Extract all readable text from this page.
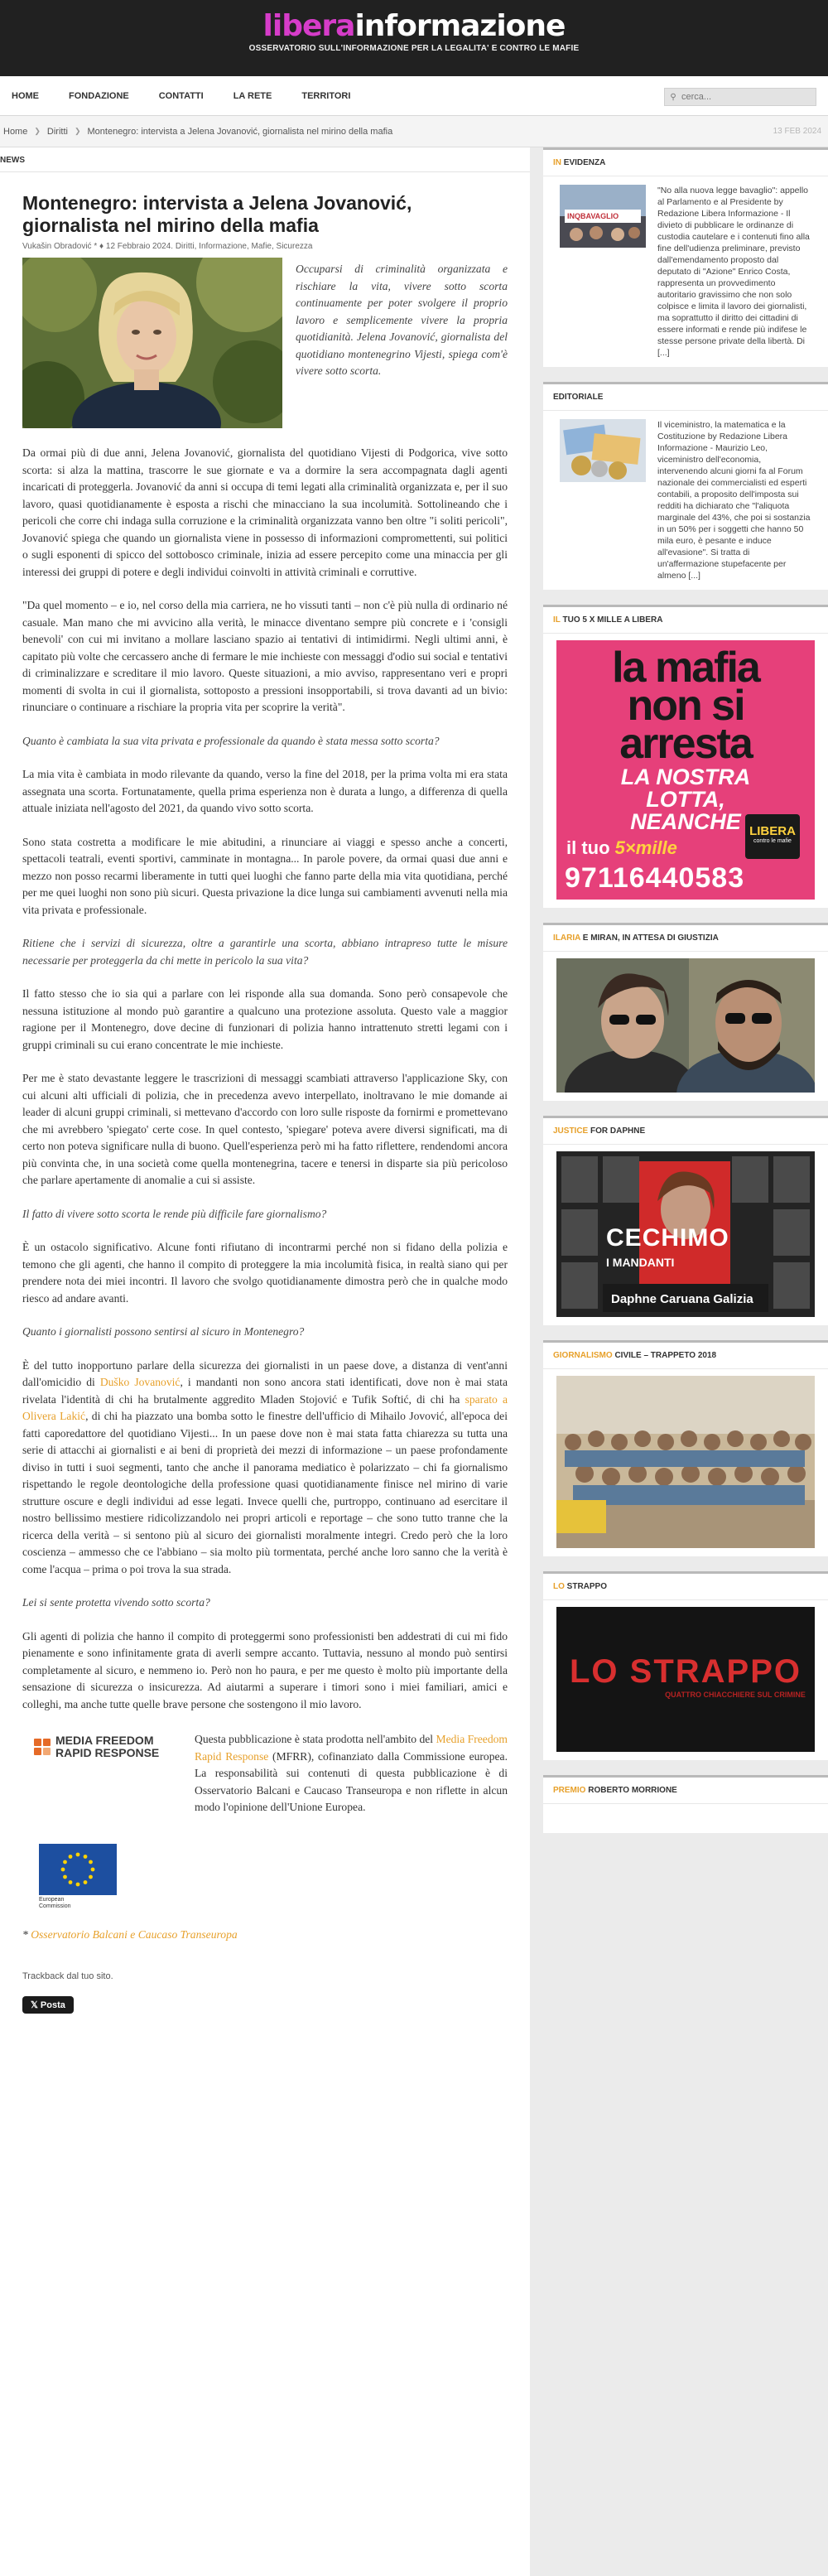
liberainformazione
OSSERVATORIO SULL'INFORMAZIONE PER LA LEGALITA' E CONTRO LE MAFIE
HOME	FONDAZIONE	CONTATTI	LA RETE	TERRITORI	⚲
cerca...
Home ❯ Diritti ❯ Montenegro: intervista a Jelena Jovanović, giornalista nel mirino della mafia	13 FEB 2024
NEWS
Montenegro: intervista a Jelena Jovanović, giornalista nel mirino della mafia
Vukašin Obradović * ♦ 12 Febbraio 2024. Diritti, Informazione, Mafie, Sicurezza
Occuparsi di criminalità organizzata e rischiare la vita, vivere sotto scorta continuamente per poter svolgere il proprio lavoro e semplicemente vivere la propria quotidianità. Jelena Jovanović, giornalista del quotidiano montenegrino Vijesti, spiega com'è vivere sotto scorta.

Da ormai più di due anni, Jelena Jovanović, giornalista del quotidiano Vijesti di Podgorica, vive sotto scorta: si alza la mattina, trascorre le sue giornate e va a dormire la sera accompagnata dagli agenti incaricati di proteggerla. Jovanović da anni si occupa di temi legati alla criminalità organizzata e, per il suo lavoro, quasi quotidianamente è esposta a rischi che minacciano la sua incolumità. Sottolineando che i pericoli che corre chi indaga sulla corruzione e la criminalità organizzata vanno ben oltre "i soliti pericoli", Jovanović spiega che quando un giornalista viene in possesso di informazioni compromettenti, sui politici o sugli esponenti di spicco del sottobosco criminale, inizia ad essere percepito come una minaccia per gli interessi dei gruppi di potere e degli individui coinvolti in attività criminali e corruttive.

"Da quel momento – e io, nel corso della mia carriera, ne ho vissuti tanti – non c'è più nulla di ordinario né casuale. Man mano che mi avvicino alla verità, le minacce diventano sempre più concrete e i 'consigli benevoli' con cui mi invitano a mollare lasciano spazio ai tentativi di intimidirmi. Negli ultimi anni, è capitato più volte che cercassero anche di fermare le mie inchieste con messaggi d'odio sui social e tentativi di criminalizzare e screditare il mio lavoro. Queste situazioni, a mio avviso, rappresentano veri e propri momenti di svolta in cui il giornalista, sottoposto a pressioni insopportabili, si trova davanti ad un bivio: rinunciare o continuare a rischiare la propria vita per scoprire la verità".

Quanto è cambiata la sua vita privata e professionale da quando è stata messa sotto scorta?

La mia vita è cambiata in modo rilevante da quando, verso la fine del 2018, per la prima volta mi era stata assegnata una scorta. Fortunatamente, quella prima esperienza non è durata a lungo, a differenza di quella attuale iniziata nell'agosto del 2021, da quando vivo sotto scorta.

Sono stata costretta a modificare le mie abitudini, a rinunciare ai viaggi e spesso anche a concerti, spettacoli teatrali, eventi sportivi, camminate in montagna... In parole povere, da ormai quasi due anni e mezzo non posso recarmi liberamente in tutti quei luoghi che fanno parte della mia vita quotidiana, perché per me quei luoghi non sono più sicuri. Questa privazione la dice lunga sui cambiamenti avvenuti nella mia vita privata e professionale.

Ritiene che i servizi di sicurezza, oltre a garantirle una scorta, abbiano intrapreso tutte le misure necessarie per proteggerla da chi mette in pericolo la sua vita?

Il fatto stesso che io sia qui a parlare con lei risponde alla sua domanda. Sono però consapevole che nessuna istituzione al mondo può garantire a qualcuno una protezione assoluta. Questo vale a maggior ragione per il Montenegro, dove decine di funzionari di polizia hanno intrattenuto stretti legami con i gruppi criminali su cui erano concentrate le mie inchieste.

Per me è stato devastante leggere le trascrizioni di messaggi scambiati attraverso l'applicazione Sky, con cui alcuni alti ufficiali di polizia, che in precedenza avevo interpellato, inoltravano le mie domande ai leader di alcuni gruppi criminali, si mettevano d'accordo con loro sulle risposte da fornirmi e promettevano che mi avrebbero 'spiegato' certe cose. In quel contesto, 'spiegare' poteva avere diversi significati, ma di certo non poteva significare nulla di buono. Quell'esperienza però mi ha fatto riflettere, rendendomi ancora più convinta che, in una società come quella montenegrina, tacere e tenersi in disparte sia più pericoloso che parlare apertamente di anomalie a cui si assiste.

Il fatto di vivere sotto scorta le rende più difficile fare giornalismo?

È un ostacolo significativo. Alcune fonti rifiutano di incontrarmi perché non si fidano della polizia e temono che gli agenti, che hanno il compito di proteggere la mia incolumità fisica, in realtà siano qui per prendere nota dei miei incontri. Il lavoro che svolgo quotidianamente dimostra però che in qualche modo riesco ad andare avanti.

Quanto i giornalisti possono sentirsi al sicuro in Montenegro?

È del tutto inopportuno parlare della sicurezza dei giornalisti in un paese dove, a distanza di vent'anni dall'omicidio di Duško Jovanović, i mandanti non sono ancora stati identificati, dove non è mai stata rivelata l'identità di chi ha brutalmente aggredito Mladen Stojović e Tufik Softić, di chi ha sparato a Olivera Lakić, di chi ha piazzato una bomba sotto le finestre dell'ufficio di Mihailo Jovović, all'epoca dei fatti caporedattore del quotidiano Vijesti... In un paese dove non è mai stata fatta chiarezza su tutta una serie di attacchi ai giornalisti e ai beni di proprietà dei mezzi di informazione – un paese profondamente diviso in tutti i suoi segmenti, tanto che anche il panorama mediatico è polarizzato – chi fa giornalismo rispettando le regole deontologiche della professione quasi quotidianamente finisce nel mirino di varie strutture oscure e degli individui ad esse legati. Invece quelli che, purtroppo, continuano ad esercitare il nostro bellissimo mestiere ridicolizzandolo nei propri articoli e reportage – che sono tutto tranne che la ricerca della verità – si sentono più al sicuro dei giornalisti moralmente integri. Credo però che la loro coscienza – ammesso che ce l'abbiano – sia molto più tormentata, perché anche loro sanno che la verità è come l'acqua – prima o poi trova la sua strada.

Lei si sente protetta vivendo sotto scorta?

Gli agenti di polizia che hanno il compito di proteggermi sono professionisti ben addestrati di cui mi fido pienamente e sono infinitamente grata di averli sempre accanto. Tuttavia, nessuno al mondo può sentirsi completamente al sicuro, e nemmeno io. Però non ho paura, e per me questo è molto più importante della sensazione di sicurezza o insicurezza. Ad aiutarmi a superare i timori sono i miei familiari, amici e colleghi, ma anche tutte quelle brave persone che sostengono il mio lavoro.

MEDIA FREEDOM
RAPID RESPONSE
European
Commission
Questa pubblicazione è stata prodotta nell'ambito del Media Freedom Rapid Response (MFRR), cofinanziato dalla Commissione europea. La responsabilità sui contenuti di questa pubblicazione è di Osservatorio Balcani e Caucaso Transeuropa e non riflette in alcun modo l'opinione dell'Unione Europea.
* Osservatorio Balcani e Caucaso Transeuropa
Trackback dal tuo sito.
𝕏 Posta
IN EVIDENZA
INQBAVAGLIO
"No alla nuova legge bavaglio": appello al Parlamento e al Presidente by Redazione Libera Informazione - Il divieto di pubblicare le ordinanze di custodia cautelare e i contenuti fino alla fine dell'udienza preliminare, previsto dall'emendamento proposto dal deputato di "Azione" Enrico Costa, rappresenta un provvedimento autoritario gravissimo che non solo colpisce e limita il lavoro dei giornalisti, ma soprattutto il diritto dei cittadini di essere informati e rende più indifese le stesse persone private della libertà. Di [...]
EDITORIALE
Il viceministro, la matematica e la Costituzione by Redazione Libera Informazione - Maurizio Leo, viceministro dell'economia, intervenendo alcuni giorni fa al Forum nazionale dei commercialisti ed esperti contabili, a proposito dell'imposta sui redditi ha dichiarato che "l'aliquota marginale del 43%, che poi si sostanzia in un 50% per i soggetti che hanno 50 mila euro, è pesante e induce all'evasione". Si tratta di un'affermazione stupefacente per almeno [...]
IL TUO 5 X MILLE A LIBERA
la mafia
non si
arresta
LA NOSTRA
LOTTA,
NEANCHE
il tuo 5×mille
LIBERA
contro le mafie
97116440583
ILARIA E MIRAN, IN ATTESA DI GIUSTIZIA
JUSTICE FOR DAPHNE
CECHIMO
I MANDANTI
Daphne Caruana Galizia
GIORNALISMO CIVILE – TRAPPETO 2018
LO STRAPPO
LO STRAPPO
QUATTRO CHIACCHIERE SUL CRIMINE
PREMIO ROBERTO MORRIONE
